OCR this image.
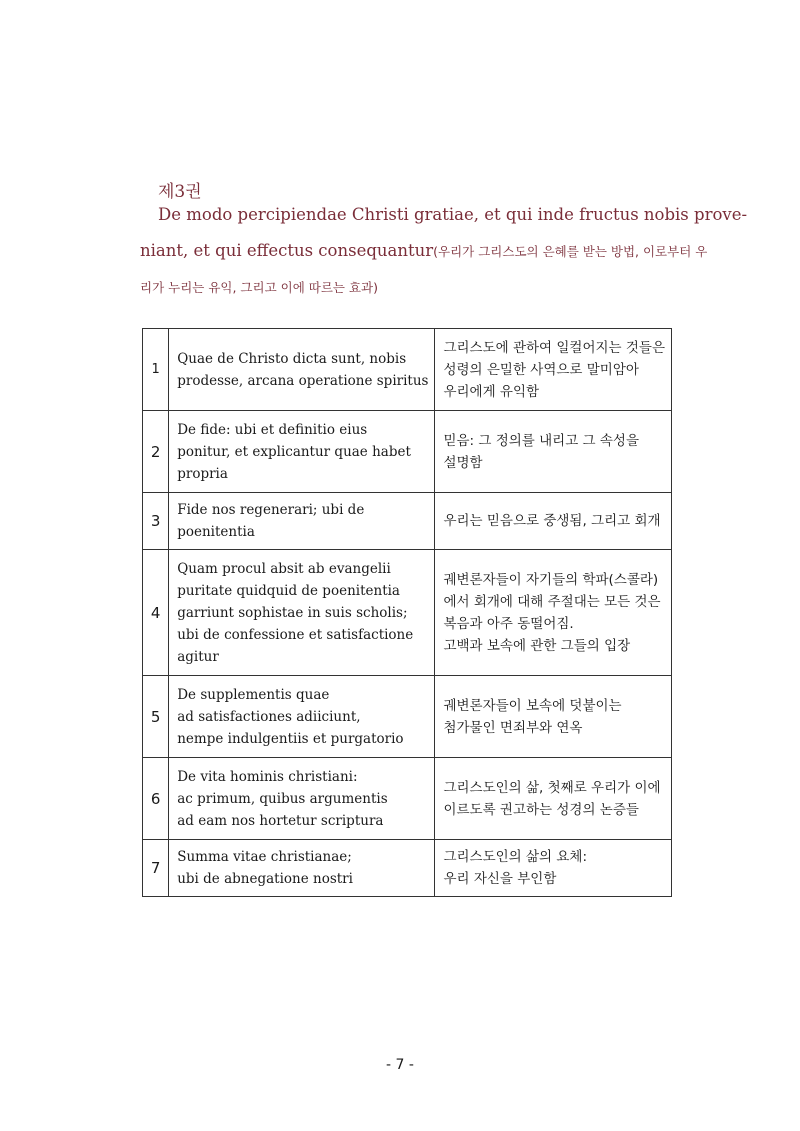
제3권
De modo percipiendae Christi gratiae, et qui inde fructus nobis prove-
niant, et qui effectus consequantur(우리가 그리스도의 은혜를 받는 방법, 이로부터 우
리가 누리는 유익, 그리고 이에 따르는 효과)
1	Quae de Christo dicta sunt, nobis
prodesse, arcana operatione spiritus	그리스도에 관하여 일컬어지는 것들은
성령의 은밀한 사역으로 말미암아
우리에게 유익함

2	De fide: ubi et definitio eius
ponitur, et explicantur quae habet
propria	믿음: 그 정의를 내리고 그 속성을
설명함

3	Fide nos regenerari; ubi de
poenitentia	우리는 믿음으로 중생됨, 그리고 회개

4	Quam procul absit ab evangelii
puritate quidquid de poenitentia
garriunt sophistae in suis scholis;
ubi de confessione et satisfactione
agitur	궤변론자들이 자기들의 학파(스콜라)
에서 회개에 대해 주절대는 모든 것은
복음과 아주 동떨어짐.
고백과 보속에 관한 그들의 입장

5	De supplementis quae
ad satisfactiones adiiciunt,
nempe indulgentiis et purgatorio	궤변론자들이 보속에 덧붙이는
첨가물인 면죄부와 연옥

6	De vita hominis christiani:
ac primum, quibus argumentis
ad eam nos hortetur scriptura	그리스도인의 삶, 첫째로 우리가 이에
이르도록 권고하는 성경의 논증들

7	Summa vitae christianae;
ubi de abnegatione nostri	그리스도인의 삶의 요체:
우리 자신을 부인함
- 7 -
